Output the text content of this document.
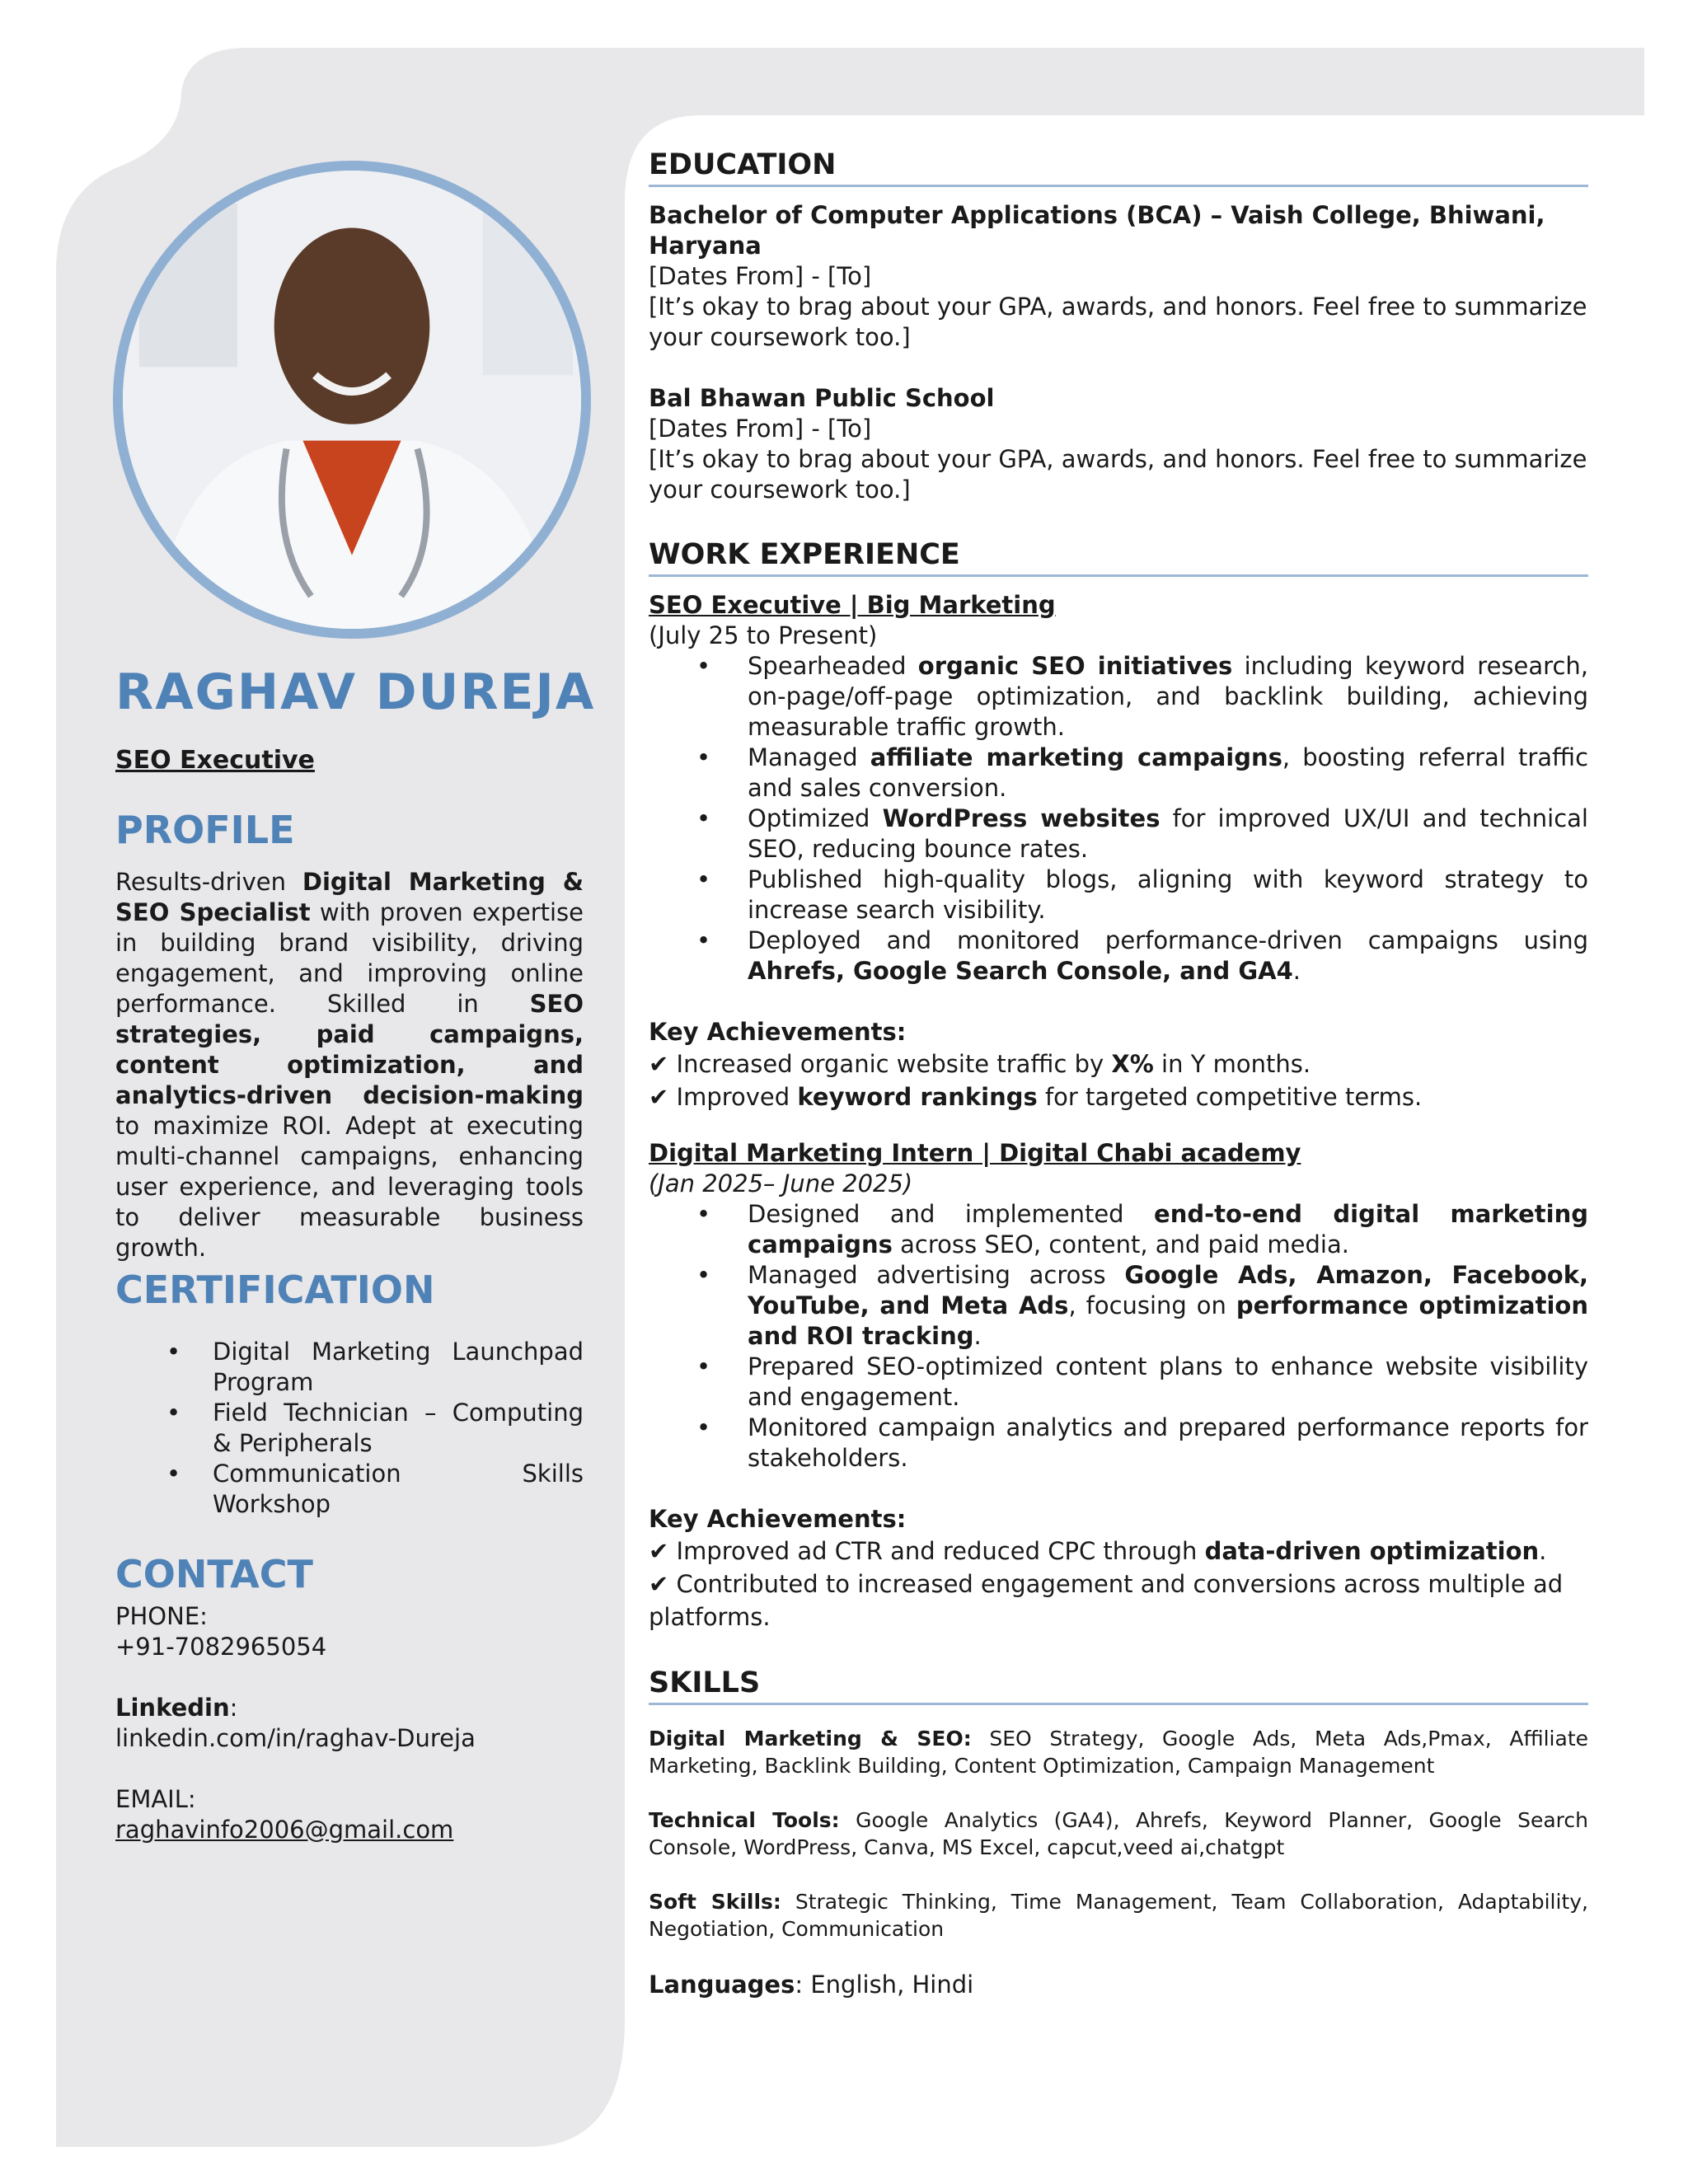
RAGHAV DUREJA
SEO Executive
PROFILE

Results-driven Digital Marketing & SEO Specialist with proven expertise in building brand visibility, driving engagement, and improving online performance. Skilled in SEO strategies, paid campaigns, content optimization, and analytics-driven decision-making to maximize ROI. Adept at executing multi-channel campaigns, enhancing user experience, and leveraging tools to deliver measurable business growth.

CERTIFICATION
• Digital Marketing Launchpad Program
• Field Technician – Computing & Peripherals
• Communication Skills Workshop
CONTACT
PHONE:
+91-7082965054
Linkedin:
linkedin.com/in/raghav-Dureja
EMAIL:
raghavinfo2006@gmail.com
EDUCATION
Bachelor of Computer Applications (BCA) – Vaish College, Bhiwani, Haryana
[Dates From] - [To]
[It’s okay to brag about your GPA, awards, and honors. Feel free to summarize your coursework too.]
Bal Bhawan Public School
[Dates From] - [To]
[It’s okay to brag about your GPA, awards, and honors. Feel free to summarize your coursework too.]
WORK EXPERIENCE
SEO Executive | Big Marketing
(July 25 to Present)
• Spearheaded organic SEO initiatives including keyword research, on-page/off-page optimization, and backlink building, achieving measurable traffic growth.
• Managed affiliate marketing campaigns, boosting referral traffic and sales conversion.
• Optimized WordPress websites for improved UX/UI and technical SEO, reducing bounce rates.
• Published high-quality blogs, aligning with keyword strategy to increase search visibility.
• Deployed and monitored performance-driven campaigns using Ahrefs, Google Search Console, and GA4.
Key Achievements:
✔ Increased organic website traffic by X% in Y months.
✔ Improved keyword rankings for targeted competitive terms.
Digital Marketing Intern | Digital Chabi academy
(Jan 2025– June 2025)
• Designed and implemented end-to-end digital marketing campaigns across SEO, content, and paid media.
• Managed advertising across Google Ads, Amazon, Facebook, YouTube, and Meta Ads, focusing on performance optimization and ROI tracking.
• Prepared SEO-optimized content plans to enhance website visibility and engagement.
• Monitored campaign analytics and prepared performance reports for stakeholders.
Key Achievements:
✔ Improved ad CTR and reduced CPC through data-driven optimization.
✔ Contributed to increased engagement and conversions across multiple ad platforms.
SKILLS
Digital Marketing & SEO: SEO Strategy, Google Ads, Meta Ads,Pmax, Affiliate Marketing, Backlink Building, Content Optimization, Campaign Management
Technical Tools: Google Analytics (GA4), Ahrefs, Keyword Planner, Google Search Console, WordPress, Canva, MS Excel, capcut,veed ai,chatgpt
Soft Skills: Strategic Thinking, Time Management, Team Collaboration, Adaptability, Negotiation, Communication
Languages: English, Hindi
